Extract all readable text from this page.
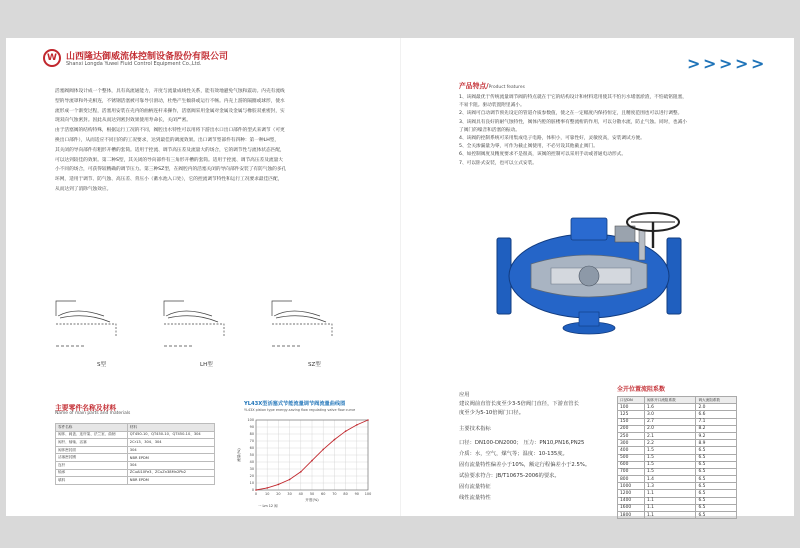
W 山西隆达御威流体控制设备股份有限公司
Shanxi Longda Yuwei Fluid Control Equipment Co.,Ltd.
活塞阀阀体设计成一个整体，具有高流通能力，开度与流量成线性关系，能有效地避免气蚀和震动。内壳有流线
型的导流罩和外壳相连，不锈钢活塞被可靠导引滑动，杜绝产生倾斜或运行不畅。内壳上游的隔圈或球形，使水
流形成一个渐变过程，活塞用安装在壳内的曲柄连杆来操作，活塞阀采用金属对金属及金属与橡胶双重密封，实
现双向气蚀密封。因此从而达到密封效果使用寿命长，关闭严密。
由于活塞阀的结构特殊，根据运行工况的不同，阀腔出水特性可以用将下游出水口出口部件的型式来调节（可更
换出口部件），从而适应不同目的的工况要求，达到最佳的调流效果。出口调节型部件有四种：第一种LH型，
其关闭的导向部件有粗形开槽的套筒。适用于控流、调节高压差及流量大的场合，它的调节性与流体状态匹配，
可以达到较佳的效果。第二种S型，其关闭的导向部件有三角形开槽的套筒。适用于控流、调节高压差及流量大
小不同的场合，可获得较精确的调节压力。第三种SZ型，在阀腔内的活塞关闭的导向部件安装了有防气蚀的多孔
环网，适用于调节、防气蚀、高压差、背压小（蓄水池入口处），它的控流调节特性和运行工况要求最佳匹配，
从而达到了消除气蚀效应。
S型	LH型	SZ型
主要零件名称及材料
Name of main parts and materials
零件名称	材料
阀体、阀盖、连杆架、法兰室、曲柄	QT450-10、QT450-10、QT450-10、304
阀杆、轴轴、活塞	2Cr13、304、304
阀体密封面	304
活塞密封圈	NBR EPDM
连杆	304
轴承	ZCuAl10Fe3、ZCuZn38Mn2Pb2
填料	NBR EPDM
YL43X型活塞式节能流量调节阀流量曲线图
YL43X piston type energy-saving flow regulating valve flow curve
0 10 20 30 40 50 60 70 80 90 100
0
10
20
30
40
50
60
70
80
90
100
流量(%)
开度(%)
一 Lm 12 阀
产品特点/Product features
> > > > >
1、该阀最优于传统流量调节阀的特点就在于它的结构设计和材料选用使其不怕污水堵塞淤渣，不怕硫铭阻塞，
不易卡阻。驱动装置附里减小。
2、该阀可自动调节预先设定的管道介质参数值，使之在一定幅度内保持恒定，且精度范围也可以进行调整。
3、该阀具有良好的耐气蚀特性，阀体内腔的脏楼事有整流桁的作用，可以分散水流，防止气蚀。同时，也减小
了阀门的噪音和活塞的振动。
4、该阀的控制系统可采用集成电子电路，体积小，可靠性好，灵敏度高，安装调试方便。
5、全关渗漏量为零，可作为截止阀使用，不必另设其他截止阀门。
6、如控制阀度及精度要求不是很高，该阀的控制可以采用手动或普通电动形式。
7、可以卧式安装，也可以立式安装。
应用
建议阀前直管长度至少3-5倍阀门直径，下游直管长
度至少为5-10倍阀门口径。
主要技术指标
口径：DN100-DN2000； 压力：PN10,PN16,PN25
介质：水，空气，煤气等；温度：10-135度。
固有流量特性偏差小于10%，额定行程偏差小于2.5%。
试验要求符合：JB/T10675-2006的要求。
固有流量特征
线性流量特性
全开位置流阻系数
口径DN	阀体开口流阻系数	调大流阻系数
100	1.6	2.0
125	3.0	6.6
150	2.7	7.1
200	2.0	8.2
250	2.1	9.2
300	2.2	8.9
400	1.5	6.5
500	1.5	6.5
600	1.5	6.5
700	1.5	6.5
800	1.4	6.5
1000	1.3	6.5
1200	1.1	6.5
1400	1.1	6.5
1600	1.1	6.5
1800	1.1	6.5
